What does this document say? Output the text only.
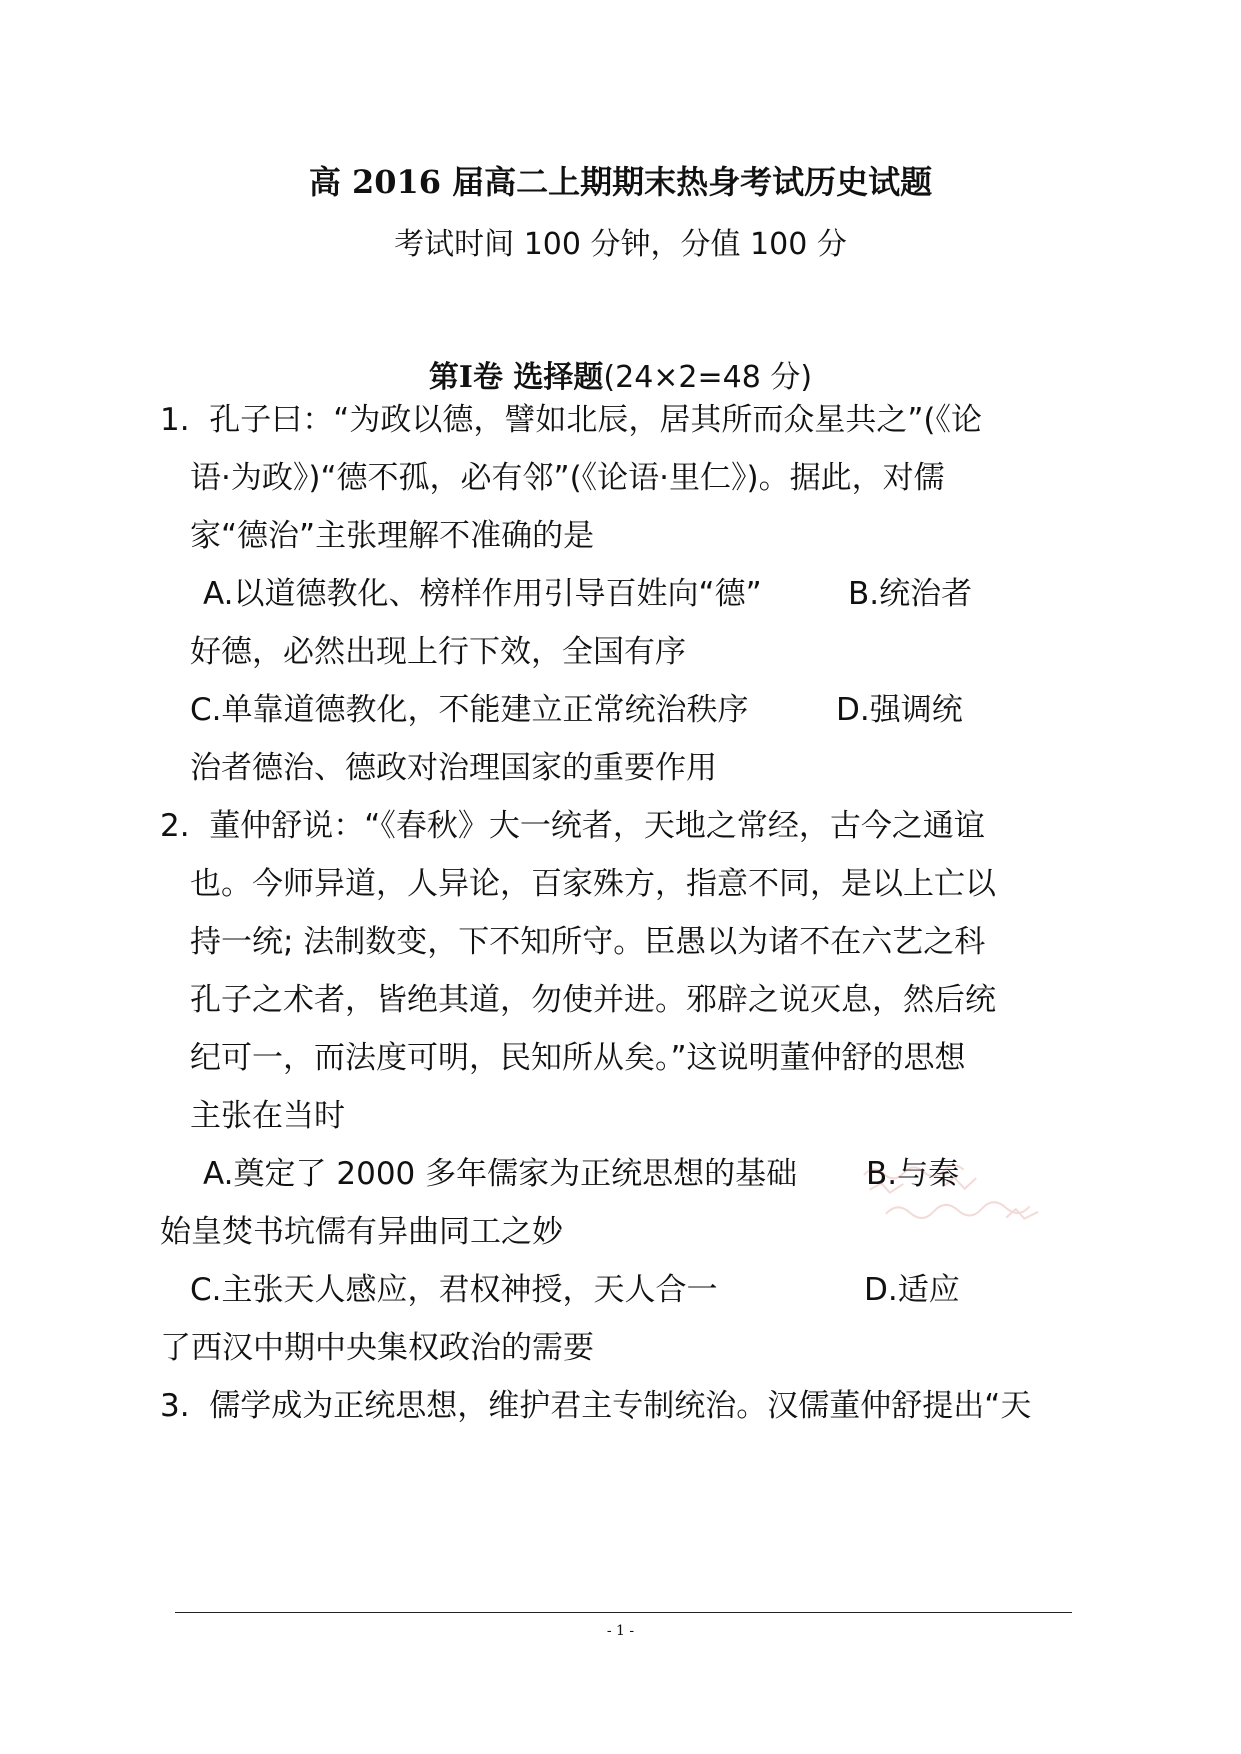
高 2016 届高二上期期末热身考试历史试题
考试时间 100 分钟，分值 100 分
第Ⅰ卷 选择题(24×2=48 分)
1.  孔子曰：“为政以德，譬如北辰，居其所而众星共之”(《论
语·为政》)“德不孤，必有邻”(《论语·里仁》)。据此，对儒
家“德治”主张理解不准确的是
A.以道德教化、榜样作用引导百姓向“德”	B.统治者
好德，必然出现上行下效，全国有序
C.单靠道德教化，不能建立正常统治秩序	D.强调统
治者德治、德政对治理国家的重要作用
2.  董仲舒说：“《春秋》大一统者，天地之常经，古今之通谊
也。今师异道，人异论，百家殊方，指意不同，是以上亡以
持一统; 法制数变，下不知所守。臣愚以为诸不在六艺之科
孔子之术者，皆绝其道，勿使并进。邪辟之说灭息，然后统
纪可一，而法度可明，民知所从矣。”这说明董仲舒的思想
主张在当时
A.奠定了 2000 多年儒家为正统思想的基础 B.与秦
始皇焚书坑儒有异曲同工之妙
C.主张天人感应，君权神授，天人合一	D.适应
了西汉中期中央集权政治的需要
3.  儒学成为正统思想，维护君主专制统治。汉儒董仲舒提出“天
- 1 -
